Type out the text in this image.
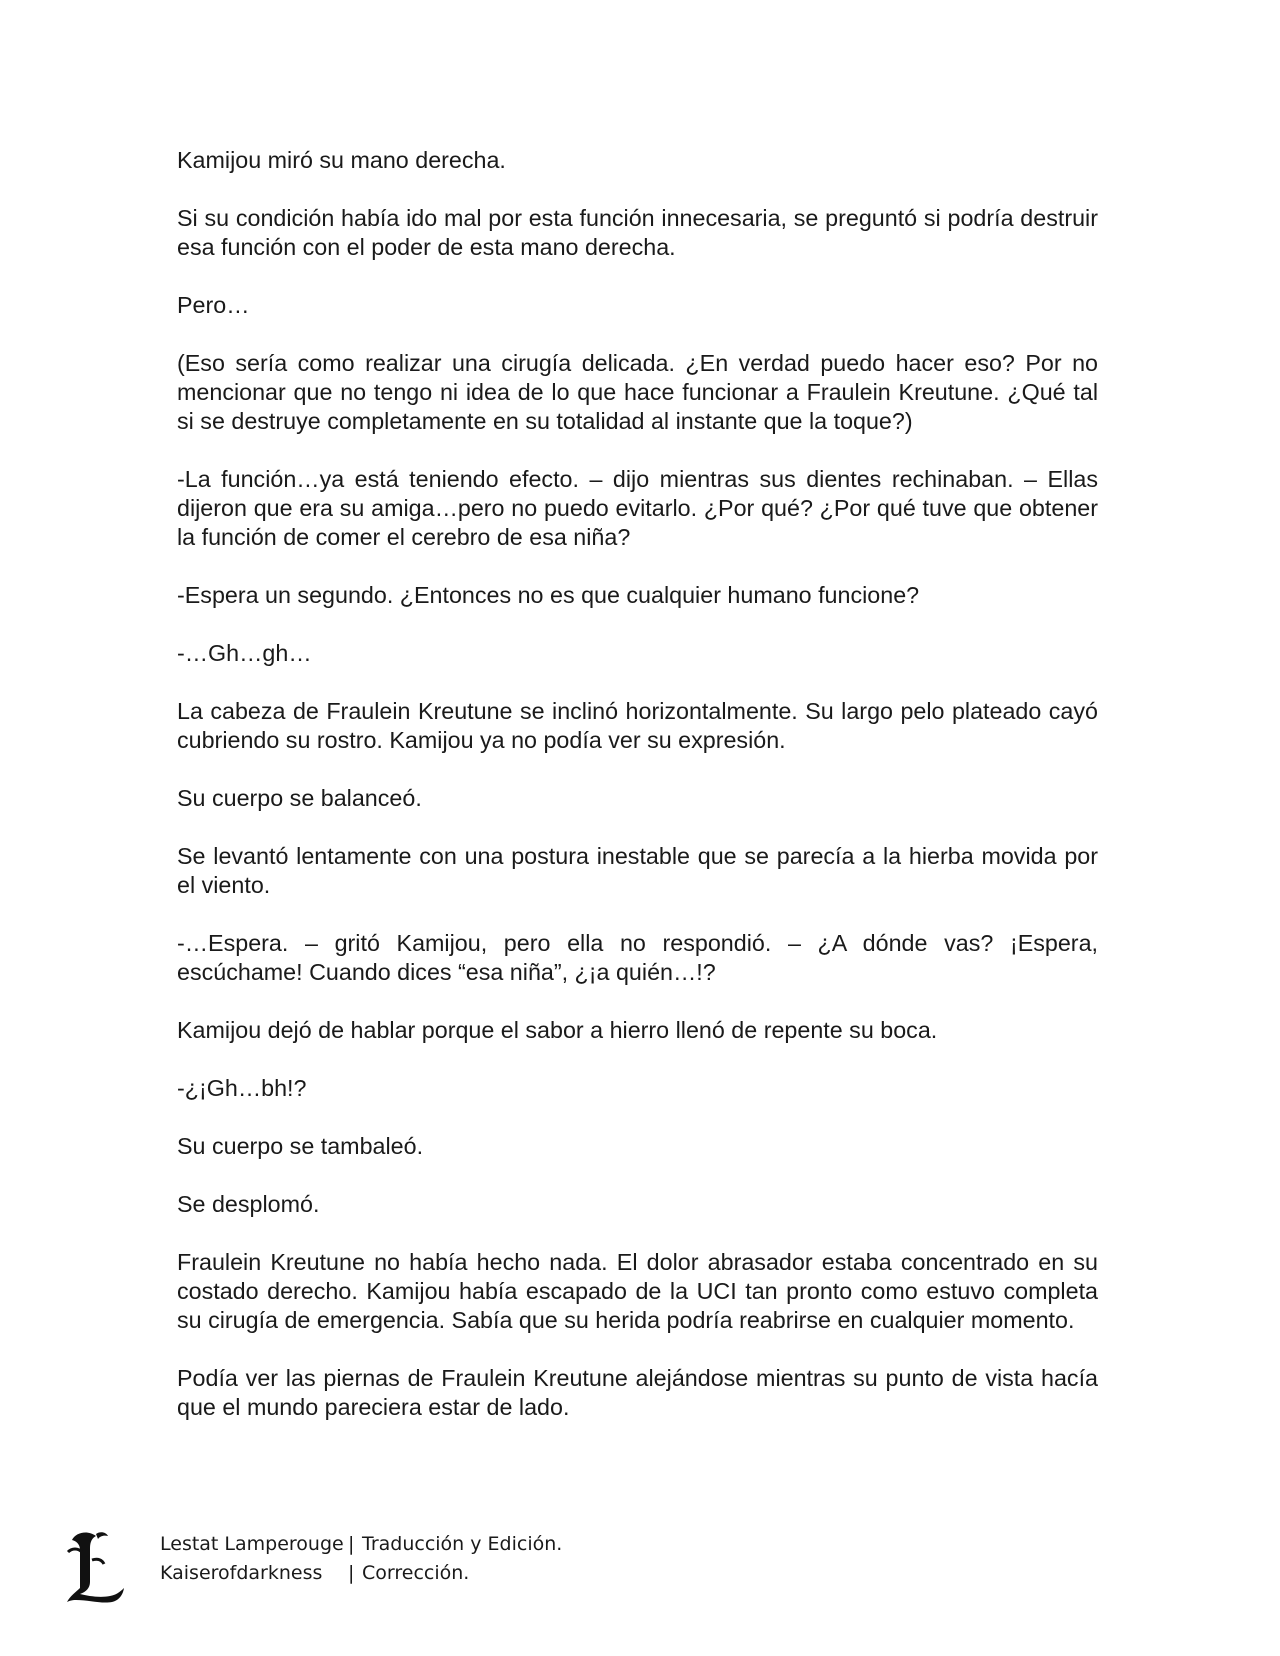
Kamijou miró su mano derecha.

Si su condición había ido mal por esta función innecesaria, se preguntó si podría destruir esa función con el poder de esta mano derecha.

Pero…

(Eso sería como realizar una cirugía delicada. ¿En verdad puedo hacer eso? Por no mencionar que no tengo ni idea de lo que hace funcionar a Fraulein Kreutune. ¿Qué tal si se destruye completamente en su totalidad al instante que la toque?)

-La función…ya está teniendo efecto. – dijo mientras sus dientes rechinaban. – Ellas dijeron que era su amiga…pero no puedo evitarlo. ¿Por qué? ¿Por qué tuve que obtener la función de comer el cerebro de esa niña?

-Espera un segundo. ¿Entonces no es que cualquier humano funcione?

-…Gh…gh…

La cabeza de Fraulein Kreutune se inclinó horizontalmente. Su largo pelo plateado cayó cubriendo su rostro. Kamijou ya no podía ver su expresión.

Su cuerpo se balanceó.

Se levantó lentamente con una postura inestable que se parecía a la hierba movida por el viento.

-…Espera. – gritó Kamijou, pero ella no respondió. – ¿A dónde vas? ¡Espera, escúchame! Cuando dices “esa niña”, ¿¡a quién…!?

Kamijou dejó de hablar porque el sabor a hierro llenó de repente su boca.

-¿¡Gh…bh!?

Su cuerpo se tambaleó.

Se desplomó.

Fraulein Kreutune no había hecho nada. El dolor abrasador estaba concentrado en su costado derecho. Kamijou había escapado de la UCI tan pronto como estuvo completa su cirugía de emergencia. Sabía que su herida podría reabrirse en cualquier momento.

Podía ver las piernas de Fraulein Kreutune alejándose mientras su punto de vista hacía que el mundo pareciera estar de lado.

Lestat Lamperouge | Traducción y Edición.
Kaiserofdarkness	| Corrección.
